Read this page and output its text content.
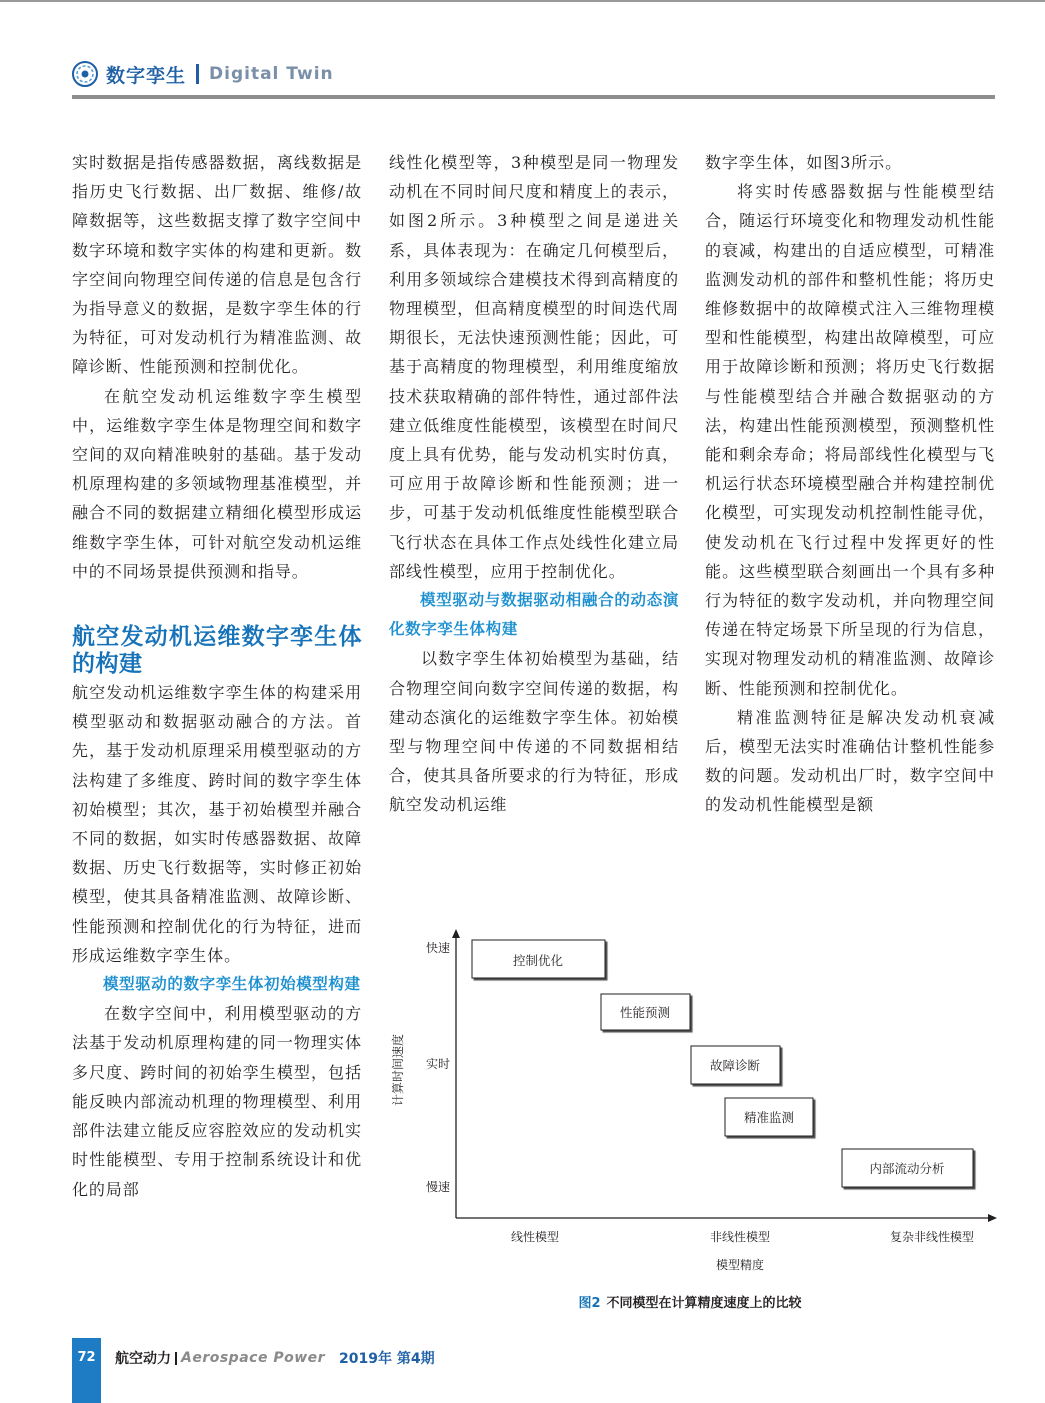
数字孪生 Digital Twin

实时数据是指传感器数据，离线数据是指历史飞行数据、出厂数据、维修/故障数据等，这些数据支撑了数字空间中数字环境和数字实体的构建和更新。数字空间向物理空间传递的信息是包含行为指导意义的数据，是数字孪生体的行为特征，可对发动机行为精准监测、故障诊断、性能预测和控制优化。

在航空发动机运维数字孪生模型中，运维数字孪生体是物理空间和数字空间的双向精准映射的基础。基于发动机原理构建的多领域物理基准模型，并融合不同的数据建立精细化模型形成运维数字孪生体，可针对航空发动机运维中的不同场景提供预测和指导。

航空发动机运维数字孪生体的构建

航空发动机运维数字孪生体的构建采用模型驱动和数据驱动融合的方法。首先，基于发动机原理采用模型驱动的方法构建了多维度、跨时间的数字孪生体初始模型；其次，基于初始模型并融合不同的数据，如实时传感器数据、故障数据、历史飞行数据等，实时修正初始模型，使其具备精准监测、故障诊断、性能预测和控制优化的行为特征，进而形成运维数字孪生体。

模型驱动的数字孪生体初始模型构建

在数字空间中，利用模型驱动的方法基于发动机原理构建的同一物理实体多尺度、跨时间的初始孪生模型，包括能反映内部流动机理的物理模型、利用部件法建立能反应容腔效应的发动机实时性能模型、专用于控制系统设计和优化的局部

线性化模型等，3种模型是同一物理发动机在不同时间尺度和精度上的表示，如图2所示。3种模型之间是递进关系，具体表现为：在确定几何模型后，利用多领域综合建模技术得到高精度的物理模型，但高精度模型的时间迭代周期很长，无法快速预测性能；因此，可基于高精度的物理模型，利用维度缩放技术获取精确的部件特性，通过部件法建立低维度性能模型，该模型在时间尺度上具有优势，能与发动机实时仿真，可应用于故障诊断和性能预测；进一步，可基于发动机低维度性能模型联合飞行状态在具体工作点处线性化建立局部线性模型，应用于控制优化。

模型驱动与数据驱动相融合的动态演化数字孪生体构建

以数字孪生体初始模型为基础，结合物理空间向数字空间传递的数据，构建动态演化的运维数字孪生体。初始模型与物理空间中传递的不同数据相结合，使其具备所要求的行为特征，形成航空发动机运维

数字孪生体，如图3所示。

将实时传感器数据与性能模型结合，随运行环境变化和物理发动机性能的衰减，构建出的自适应模型，可精准监测发动机的部件和整机性能；将历史维修数据中的故障模式注入三维物理模型和性能模型，构建出故障模型，可应用于故障诊断和预测；将历史飞行数据与性能模型结合并融合数据驱动的方法，构建出性能预测模型，预测整机性能和剩余寿命；将局部线性化模型与飞机运行状态环境模型融合并构建控制优化模型，可实现发动机控制性能寻优，使发动机在飞行过程中发挥更好的性能。这些模型联合刻画出一个具有多种行为特征的数字发动机，并向物理空间传递在特定场景下所呈现的行为信息，实现对物理发动机的精准监测、故障诊断、性能预测和控制优化。

精准监测特征是解决发动机衰减后，模型无法实时准确估计整机性能参数的问题。发动机出厂时，数字空间中的发动机性能模型是额

快速
实时
慢速
计算时间速度
线性模型	非线性模型	复杂非线性模型
模型精度
控制优化
性能预测
故障诊断
精准监测
内部流动分析
图2 不同模型在计算精度速度上的比较
72	航空动力 Aerospace Power 2019年 第4期
